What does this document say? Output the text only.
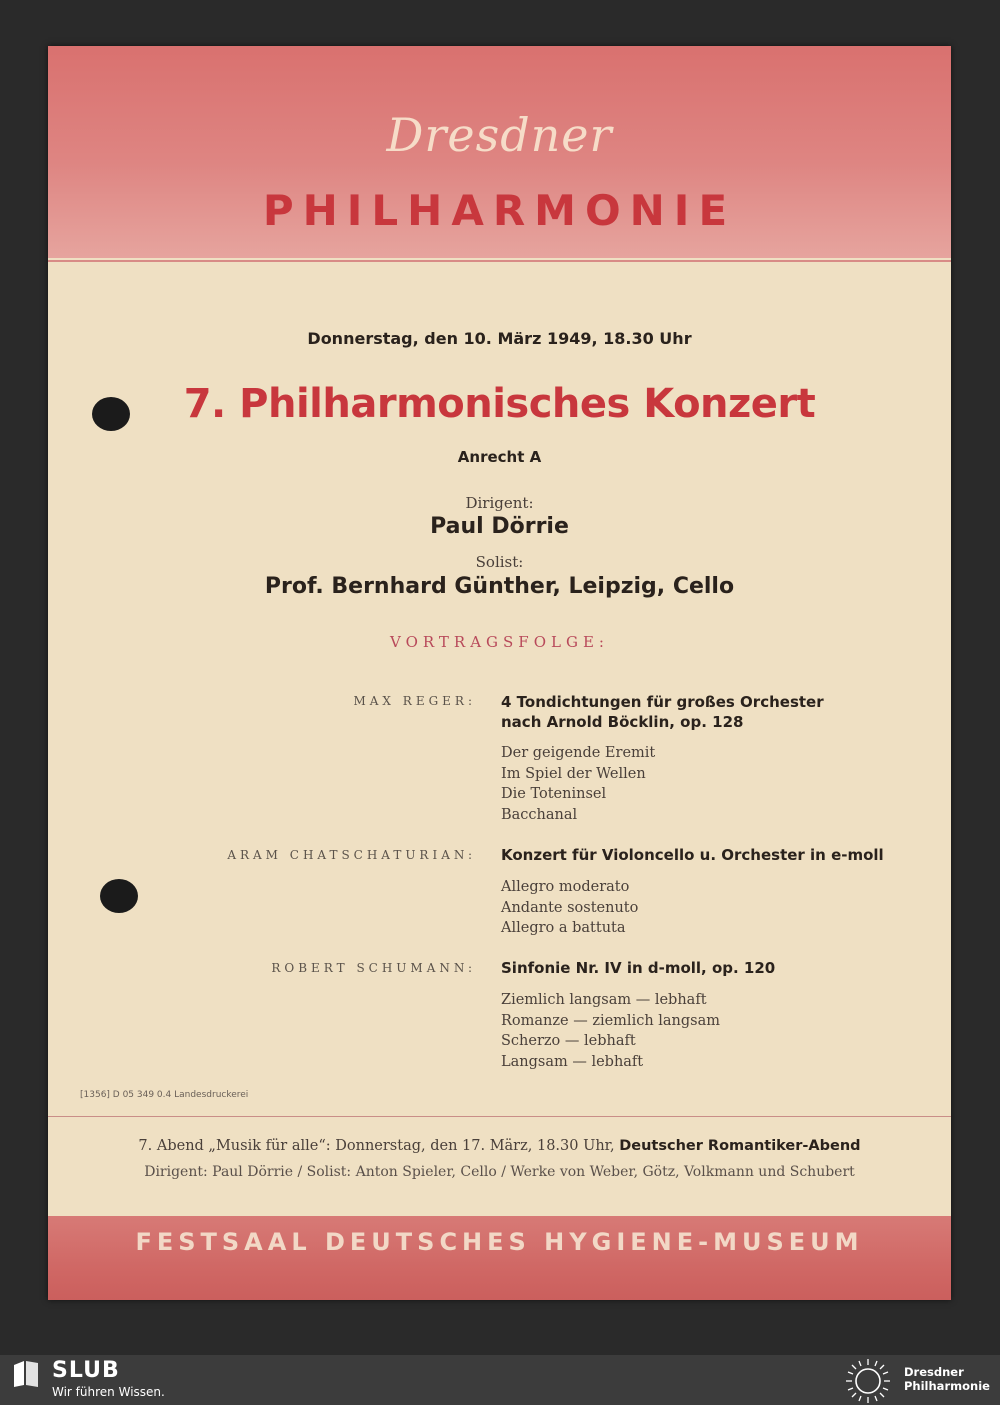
Dresdner
PHILHARMONIE
Donnerstag, den 10. März 1949, 18.30 Uhr
7. Philharmonisches Konzert
Anrecht A
Dirigent:
Paul Dörrie
Solist:
Prof. Bernhard Günther, Leipzig, Cello
VORTRAGSFOLGE:
MAX REGER: 4 Tondichtungen für großes Orchester
nach Arnold Böcklin, op. 128
Der geigende Eremit
Im Spiel der Wellen
Die Toteninsel
Bacchanal
ARAM CHATSCHATURIAN: Konzert für Violoncello u. Orchester in e-moll
Allegro moderato
Andante sostenuto
Allegro a battuta
ROBERT SCHUMANN: Sinfonie Nr. IV in d-moll, op. 120
Ziemlich langsam — lebhaft
Romanze — ziemlich langsam
Scherzo — lebhaft
Langsam — lebhaft
[1356] D 05 349 0.4 Landesdruckerei
7. Abend „Musik für alle“: Donnerstag, den 17. März, 18.30 Uhr, Deutscher Romantiker-Abend
Dirigent: Paul Dörrie / Solist: Anton Spieler, Cello / Werke von Weber, Götz, Volkmann und Schubert
FESTSAAL DEUTSCHES HYGIENE-MUSEUM
SLUB
Wir führen Wissen.
Dresdner
Philharmonie
